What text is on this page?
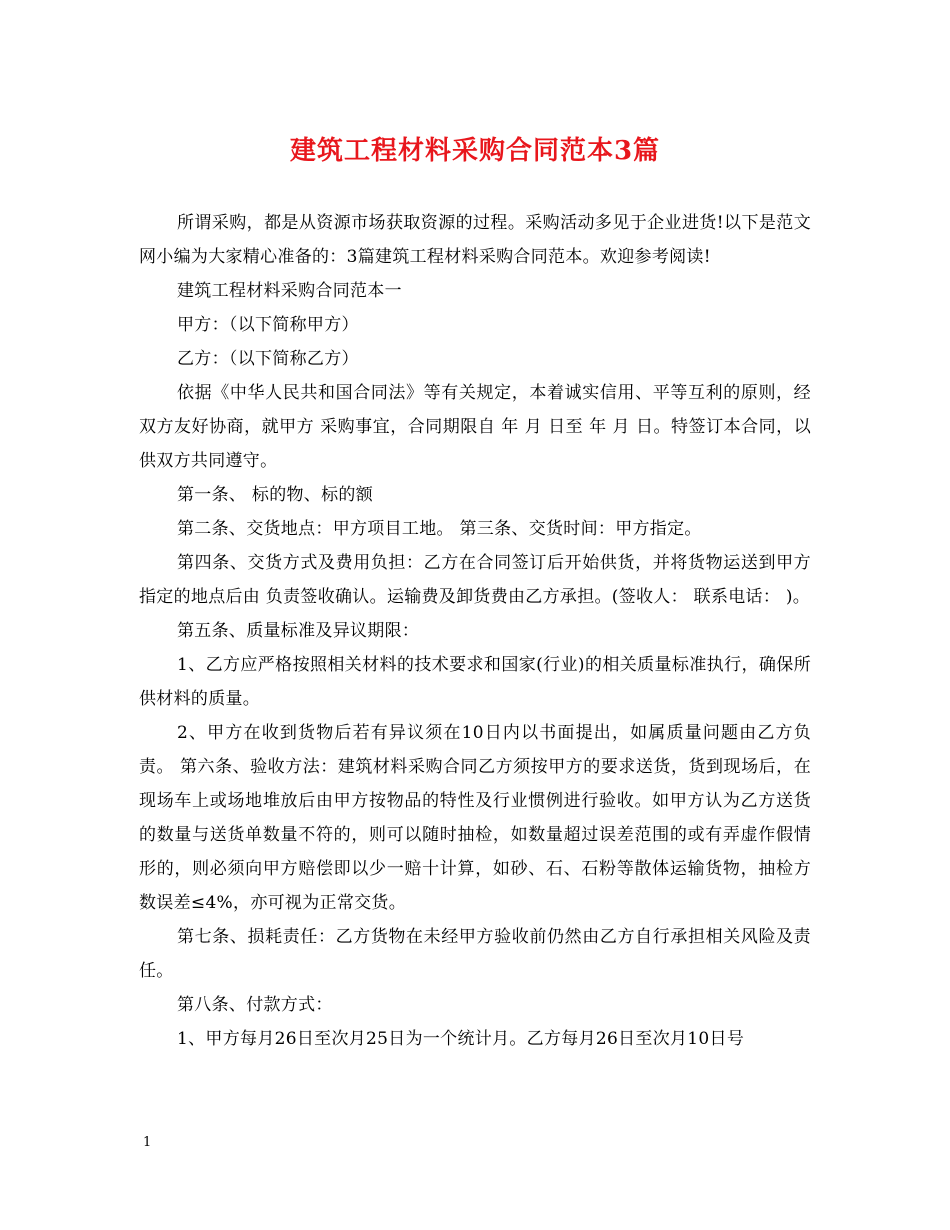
建筑工程材料采购合同范本3篇

所谓采购，都是从资源市场获取资源的过程。采购活动多见于企业进货!以下是范文网小编为大家精心准备的：3篇建筑工程材料采购合同范本。欢迎参考阅读!

建筑工程材料采购合同范本一

甲方：（以下简称甲方）

乙方：（以下简称乙方）

依据《中华人民共和国合同法》等有关规定，本着诚实信用、平等互利的原则，经双方友好协商，就甲方 采购事宜，合同期限自 年 月 日至 年 月 日。特签订本合同，以供双方共同遵守。

第一条、 标的物、标的额

第二条、交货地点：甲方项目工地。 第三条、交货时间：甲方指定。

第四条、交货方式及费用负担：乙方在合同签订后开始供货，并将货物运送到甲方指定的地点后由 负责签收确认。运输费及卸货费由乙方承担。(签收人： 联系电话： )。

第五条、质量标准及异议期限：

1、乙方应严格按照相关材料的技术要求和国家(行业)的相关质量标准执行，确保所供材料的质量。

2、甲方在收到货物后若有异议须在10日内以书面提出，如属质量问题由乙方负责。 第六条、验收方法：建筑材料采购合同乙方须按甲方的要求送货，货到现场后，在现场车上或场地堆放后由甲方按物品的特性及行业惯例进行验收。如甲方认为乙方送货的数量与送货单数量不符的，则可以随时抽检，如数量超过误差范围的或有弄虚作假情形的，则必须向甲方赔偿即以少一赔十计算，如砂、石、石粉等散体运输货物，抽检方数误差≤4%，亦可视为正常交货。

第七条、损耗责任：乙方货物在未经甲方验收前仍然由乙方自行承担相关风险及责任。

第八条、付款方式：

1、甲方每月26日至次月25日为一个统计月。乙方每月26日至次月10日号

1
